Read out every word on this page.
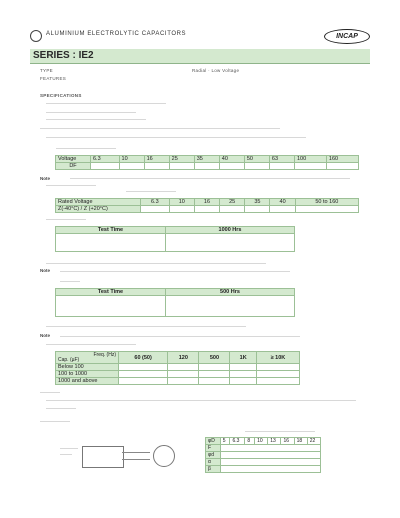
ALUMINIUM ELECTROLYTIC CAPACITORS	INCAP
SERIES : IE2
TYPE
FEATURES
Radial · Low Voltage
SPECIFICATIONS
Voltage	6.3	10	16	25	35	40	50	63	100	160
DF										
Note
Rated Voltage	6.3	10	16	25	35	40	50 to 160
Z(-40°C) / Z (+20°C)							
Test Time	1000 Hrs

Note
Test Time	500 Hrs

Note
Freq. (Hz)
Cap. (µF)	60 (50)	120	500	1K	≥ 10K
Below 100					
100 to 1000					
1000 and above					
φD	5	6.3	8	10	13	16	18	22
F								
φd								
α								
β								
